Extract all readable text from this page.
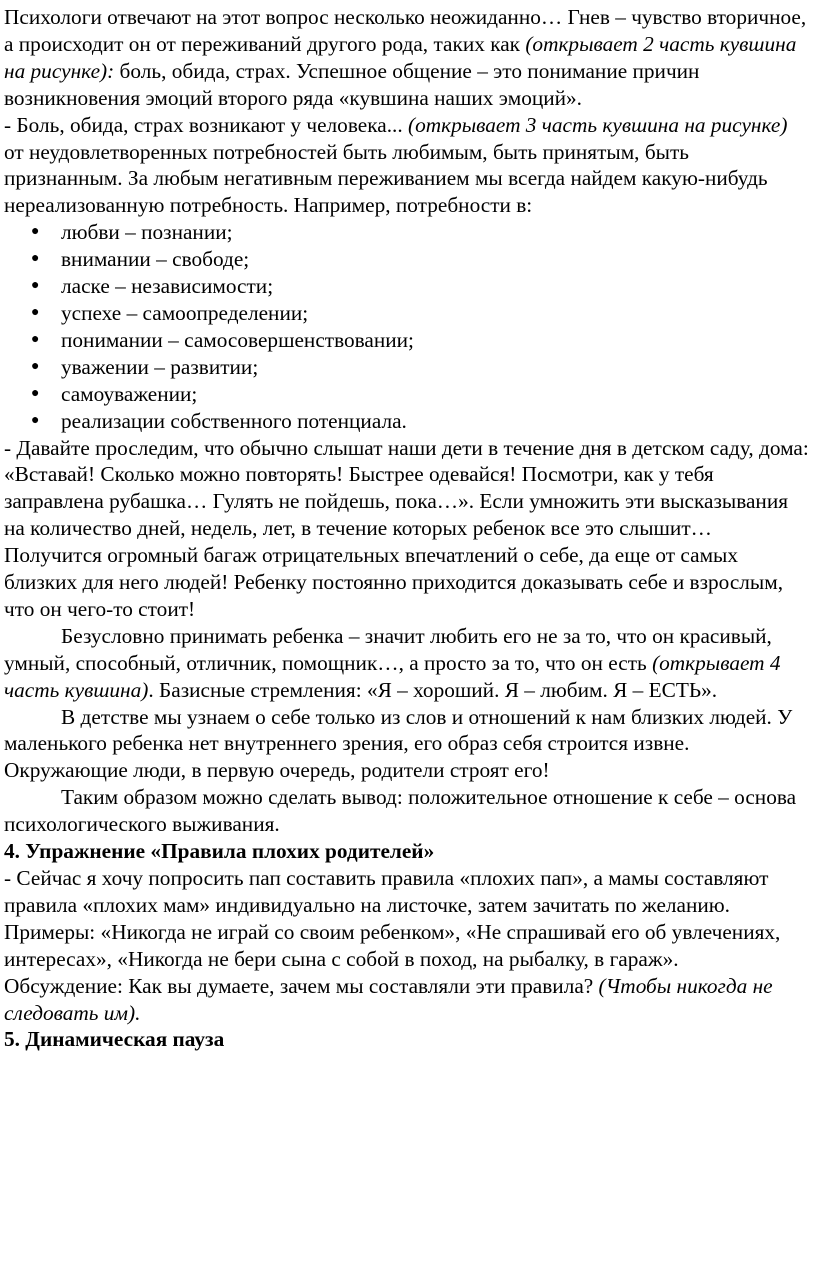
Психологи отвечают на этот вопрос несколько неожиданно… Гнев – чувство вторичное, а происходит он от переживаний другого рода, таких как (открывает 2 часть кувшина на рисунке): боль, обида, страх. Успешное общение – это понимание причин возникновения эмоций второго ряда «кувшина наших эмоций».

- Боль, обида, страх возникают у человека... (открывает 3 часть кувшина на рисунке) от неудовлетворенных потребностей быть любимым, быть принятым, быть признанным. За любым негативным переживанием мы всегда найдем какую-нибудь нереализованную потребность. Например, потребности в:

● любви – познании;
● внимании – свободе;
● ласке – независимости;
● успехе – самоопределении;
● понимании – самосовершенствовании;
● уважении – развитии;
● самоуважении;
● реализации собственного потенциала.

- Давайте проследим, что обычно слышат наши дети в течение дня в детском саду, дома: «Вставай! Сколько можно повторять! Быстрее одевайся! Посмотри, как у тебя заправлена рубашка… Гулять не пойдешь, пока…». Если умножить эти высказывания на количество дней, недель, лет, в течение которых ребенок все это слышит… Получится огромный багаж отрицательных впечатлений о себе, да еще от самых близких для него людей! Ребенку постоянно приходится доказывать себе и взрослым, что он чего-то стоит!

Безусловно принимать ребенка – значит любить его не за то, что он красивый, умный, способный, отличник, помощник…, а просто за то, что он есть (открывает 4 часть кувшина). Базисные стремления: «Я – хороший. Я – любим. Я – ЕСТЬ».

В детстве мы узнаем о себе только из слов и отношений к нам близких людей. У маленького ребенка нет внутреннего зрения, его образ себя строится извне. Окружающие люди, в первую очередь, родители строят его!

Таким образом можно сделать вывод: положительное отношение к себе – основа психологического выживания.

4. Упражнение «Правила плохих родителей»

- Сейчас я хочу попросить пап составить правила «плохих пап», а мамы составляют правила «плохих мам» индивидуально на листочке, затем зачитать по желанию.

Примеры: «Никогда не играй со своим ребенком», «Не спрашивай его об увлечениях, интересах», «Никогда не бери сына с собой в поход, на рыбалку, в гараж».

Обсуждение: Как вы думаете, зачем мы составляли эти правила? (Чтобы никогда не следовать им).

5. Динамическая пауза
